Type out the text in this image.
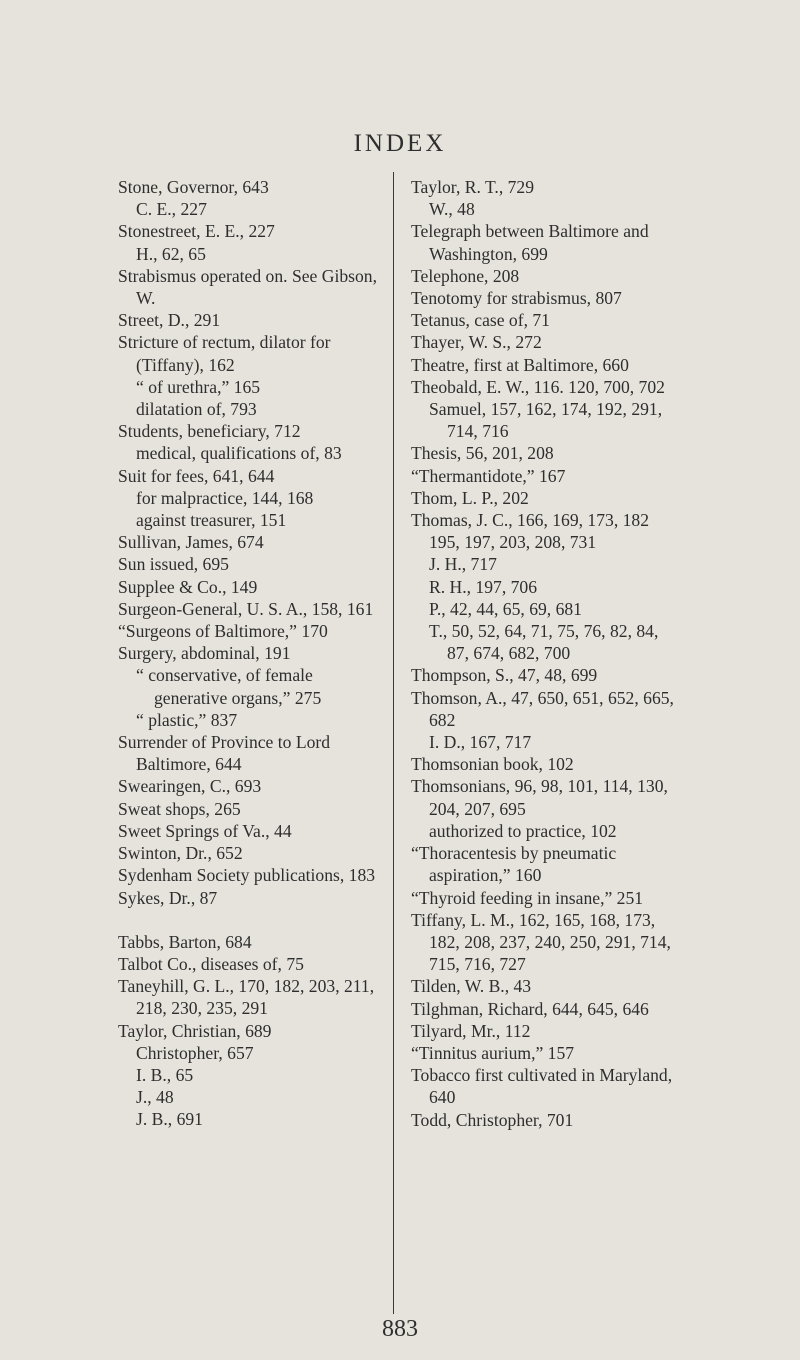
INDEX
Stone, Governor, 643
C. E., 227
Stonestreet, E. E., 227
H., 62, 65
Strabismus operated on. See Gibson, W.
Street, D., 291
Stricture of rectum, dilator for (Tiffany), 162
“ of urethra,” 165
dilatation of, 793
Students, beneficiary, 712
medical, qualifications of, 83
Suit for fees, 641, 644
for malpractice, 144, 168
against treasurer, 151
Sullivan, James, 674
Sun issued, 695
Supplee & Co., 149
Surgeon-General, U. S. A., 158, 161
“Surgeons of Baltimore,” 170
Surgery, abdominal, 191
“ conservative, of female generative organs,” 275
“ plastic,” 837
Surrender of Province to Lord Baltimore, 644
Swearingen, C., 693
Sweat shops, 265
Sweet Springs of Va., 44
Swinton, Dr., 652
Sydenham Society publications, 183
Sykes, Dr., 87
Tabbs, Barton, 684
Talbot Co., diseases of, 75
Taneyhill, G. L., 170, 182, 203, 211, 218, 230, 235, 291
Taylor, Christian, 689
Christopher, 657
I. B., 65
J., 48
J. B., 691
Taylor, R. T., 729
W., 48
Telegraph between Baltimore and Washington, 699
Telephone, 208
Tenotomy for strabismus, 807
Tetanus, case of, 71
Thayer, W. S., 272
Theatre, first at Baltimore, 660
Theobald, E. W., 116. 120, 700, 702
Samuel, 157, 162, 174, 192, 291, 714, 716
Thesis, 56, 201, 208
“Thermantidote,” 167
Thom, L. P., 202
Thomas, J. C., 166, 169, 173, 182 195, 197, 203, 208, 731
J. H., 717
R. H., 197, 706
P., 42, 44, 65, 69, 681
T., 50, 52, 64, 71, 75, 76, 82, 84, 87, 674, 682, 700
Thompson, S., 47, 48, 699
Thomson, A., 47, 650, 651, 652, 665, 682
I. D., 167, 717
Thomsonian book, 102
Thomsonians, 96, 98, 101, 114, 130, 204, 207, 695
authorized to practice, 102
“Thoracentesis by pneumatic aspiration,” 160
“Thyroid feeding in insane,” 251
Tiffany, L. M., 162, 165, 168, 173, 182, 208, 237, 240, 250, 291, 714, 715, 716, 727
Tilden, W. B., 43
Tilghman, Richard, 644, 645, 646
Tilyard, Mr., 112
“Tinnitus aurium,” 157
Tobacco first cultivated in Maryland, 640
Todd, Christopher, 701
883
